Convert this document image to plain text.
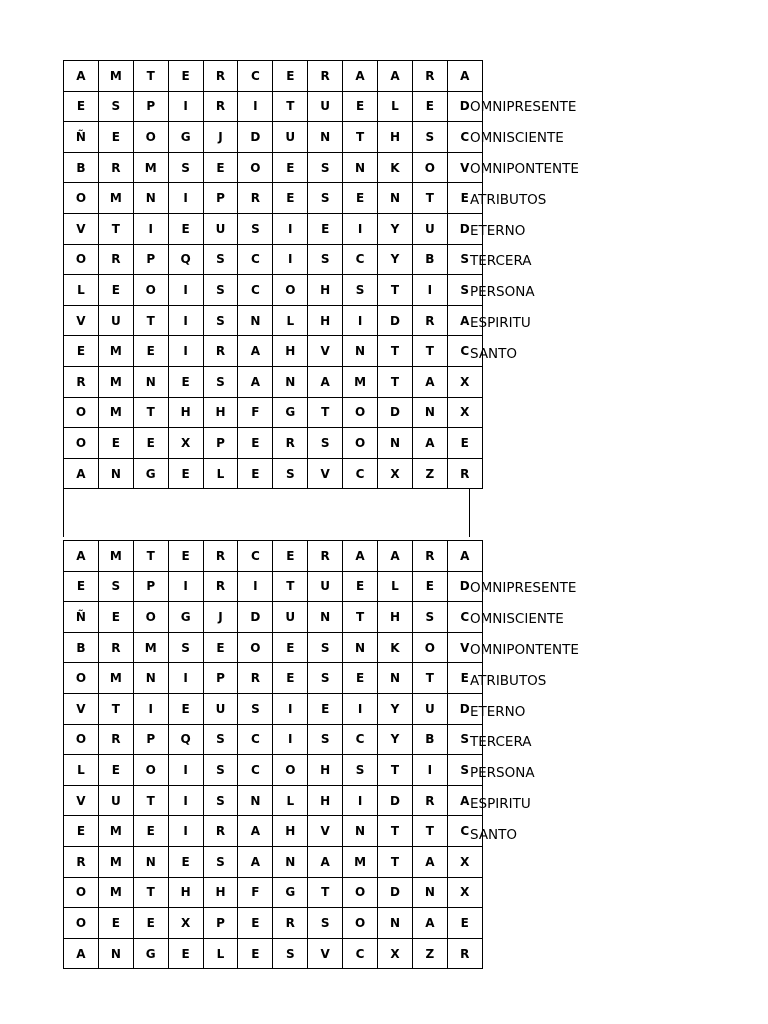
A	M	T	E	R	C	E	R	A	A	R	A
E	S	P	I	R	I	T	U	E	L	E	D
Ñ	E	O	G	J	D	U	N	T	H	S	C
B	R	M	S	E	O	E	S	N	K	O	V
O	M	N	I	P	R	E	S	E	N	T	E
V	T	I	E	U	S	I	E	I	Y	U	D
O	R	P	Q	S	C	I	S	C	Y	B	S
L	E	O	I	S	C	O	H	S	T	I	S
V	U	T	I	S	N	L	H	I	D	R	A
E	M	E	I	R	A	H	V	N	T	T	C
R	M	N	E	S	A	N	A	M	T	A	X
O	M	T	H	H	F	G	T	O	D	N	X
O	E	E	X	P	E	R	S	O	N	A	E
A	N	G	E	L	E	S	V	C	X	Z	R
A	M	T	E	R	C	E	R	A	A	R	A
E	S	P	I	R	I	T	U	E	L	E	D
Ñ	E	O	G	J	D	U	N	T	H	S	C
B	R	M	S	E	O	E	S	N	K	O	V
O	M	N	I	P	R	E	S	E	N	T	E
V	T	I	E	U	S	I	E	I	Y	U	D
O	R	P	Q	S	C	I	S	C	Y	B	S
L	E	O	I	S	C	O	H	S	T	I	S
V	U	T	I	S	N	L	H	I	D	R	A
E	M	E	I	R	A	H	V	N	T	T	C
R	M	N	E	S	A	N	A	M	T	A	X
O	M	T	H	H	F	G	T	O	D	N	X
O	E	E	X	P	E	R	S	O	N	A	E
A	N	G	E	L	E	S	V	C	X	Z	R
OMNIPRESENTE
OMNISCIENTE
OMNIPONTENTE
ATRIBUTOS
ETERNO
TERCERA
PERSONA
ESPIRITU
SANTO
OMNIPRESENTE
OMNISCIENTE
OMNIPONTENTE
ATRIBUTOS
ETERNO
TERCERA
PERSONA
ESPIRITU
SANTO
